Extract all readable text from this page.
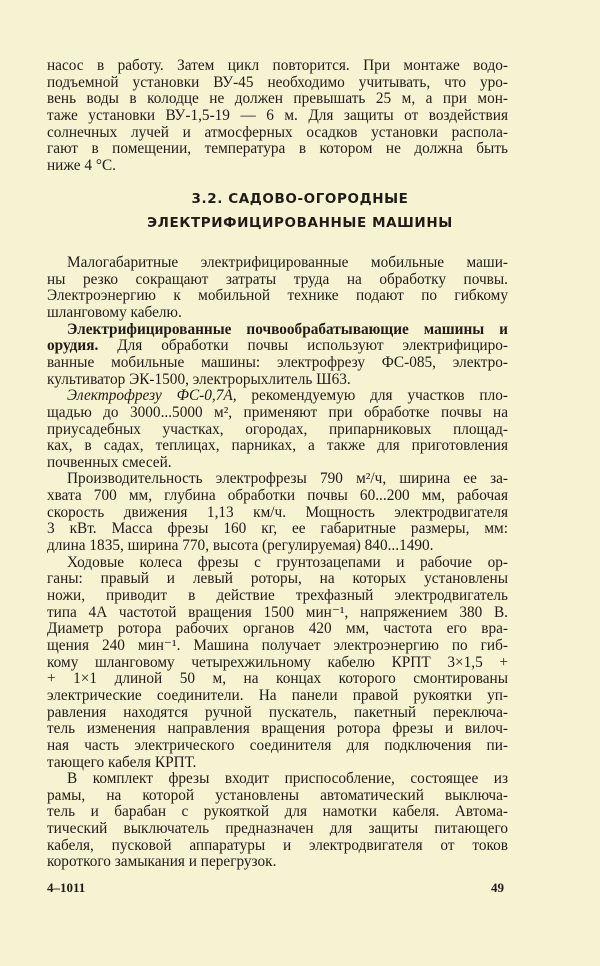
3.2. САДОВО-ОГОРОДНЫЕ
ЭЛЕКТРИФИЦИРОВАННЫЕ МАШИНЫ
4–1011	49
насос в работу. Затем цикл повторится. При монтаже водо-
подъемной установки ВУ-45 необходимо учитывать, что уро-
вень воды в колодце не должен превышать 25 м, а при мон-
таже установки ВУ-1,5-19 — 6 м. Для защиты от воздействия
солнечных лучей и атмосферных осадков установки распола-
гают в помещении, температура в котором не должна быть
ниже 4 °С.
Малогабаритные электрифицированные мобильные маши-
ны резко сокращают затраты труда на обработку почвы.
Электроэнергию к мобильной технике подают по гибкому
шланговому кабелю.
Электрифицированные почвообрабатывающие машины и
орудия. Для обработки почвы используют электрифициро-
ванные мобильные машины: электрофрезу ФС-085, электро-
культиватор ЭК-1500, электрорыхлитель Ш63.
Электрофрезу ФС-0,7А, рекомендуемую для участков пло-
щадью до 3000...5000 м², применяют при обработке почвы на
приусадебных участках, огородах, припарниковых площад-
ках, в садах, теплицах, парниках, а также для приготовления
почвенных смесей.
Производительность электрофрезы 790 м²/ч, ширина ее за-
хвата 700 мм, глубина обработки почвы 60...200 мм, рабочая
скорость движения 1,13 км/ч. Мощность электродвигателя
3 кВт. Масса фрезы 160 кг, ее габаритные размеры, мм:
длина 1835, ширина 770, высота (регулируемая) 840...1490.
Ходовые колеса фрезы с грунтозацепами и рабочие ор-
ганы: правый и левый роторы, на которых установлены
ножи, приводит в действие трехфазный электродвигатель
типа 4А частотой вращения 1500 мин⁻¹, напряжением 380 В.
Диаметр ротора рабочих органов 420 мм, частота его вра-
щения 240 мин⁻¹. Машина получает электроэнергию по гиб-
кому шланговому четырехжильному кабелю КРПТ 3×1,5 +
+ 1×1 длиной 50 м, на концах которого смонтированы
электрические соединители. На панели правой рукоятки уп-
равления находятся ручной пускатель, пакетный переключа-
тель изменения направления вращения ротора фрезы и вилоч-
ная часть электрического соединителя для подключения пи-
тающего кабеля КРПТ.
В комплект фрезы входит приспособление, состоящее из
рамы, на которой установлены автоматический выключа-
тель и барабан с рукояткой для намотки кабеля. Автома-
тический выключатель предназначен для защиты питающего
кабеля, пусковой аппаратуры и электродвигателя от токов
короткого замыкания и перегрузок.
